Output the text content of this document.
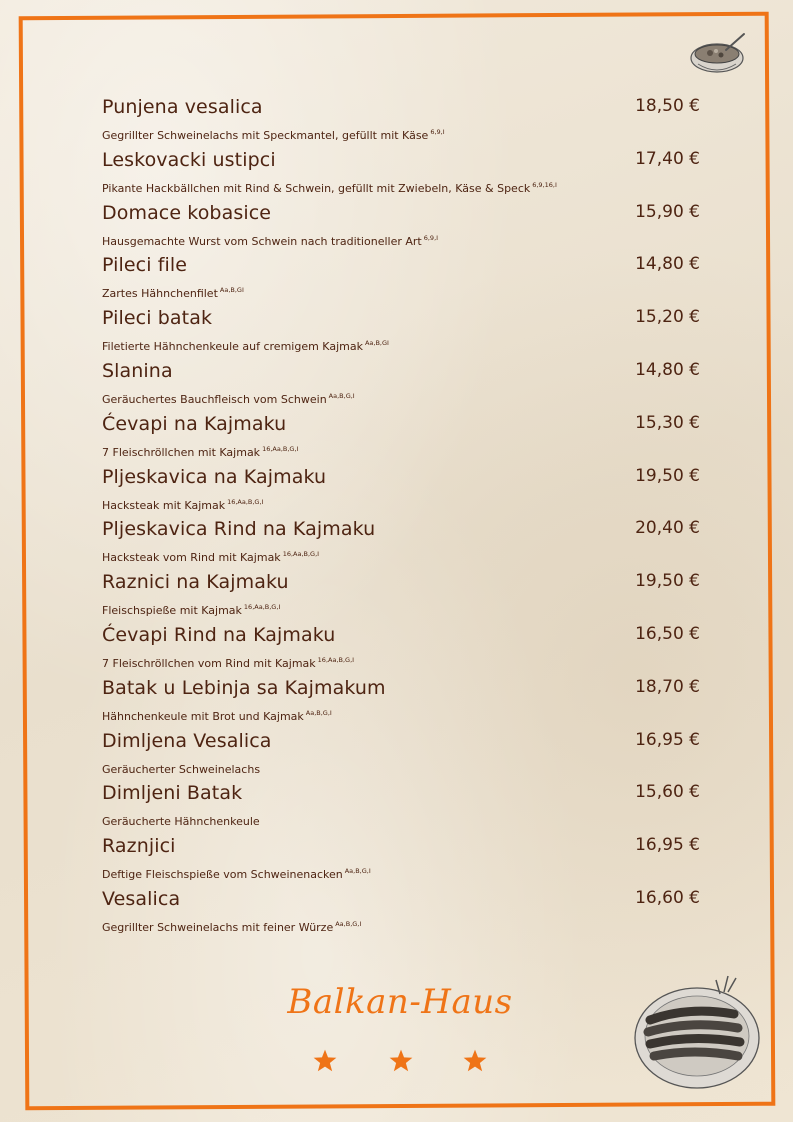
Punjena vesalica	18,50 €
Gegrillter Schweinelachs mit Speckmantel, gefüllt mit Käse $^{6,9,I}$
Leskovacki ustipci	17,40 €
Pikante Hackbällchen mit Rind & Schwein, gefüllt mit Zwiebeln, Käse & Speck $^{6,9,16,I}$
Domace kobasice	15,90 €
Hausgemachte Wurst vom Schwein nach traditioneller Art $^{6,9,I}$
Pileci file	14,80 €
Zartes Hähnchenfilet $^{Aa,B,GI}$
Pileci batak	15,20 €
Filetierte Hähnchenkeule auf cremigem Kajmak $^{Aa,B,GI}$
Slanina	14,80 €
Geräuchertes Bauchfleisch vom Schwein $^{Aa,B,G,I}$
Ćevapi na Kajmaku	15,30 €
7 Fleischröllchen mit Kajmak $^{16,Aa,B,G,I}$
Pljeskavica na Kajmaku	19,50 €
Hacksteak mit Kajmak $^{16,Aa,B,G,I}$
Pljeskavica Rind na Kajmaku	20,40 €
Hacksteak vom Rind mit Kajmak $^{16,Aa,B,G,I}$
Raznici na Kajmaku	19,50 €
Fleischspieße mit Kajmak $^{16,Aa,B,G,I}$
Ćevapi Rind na Kajmaku	16,50 €
7 Fleischröllchen vom Rind mit Kajmak $^{16,Aa,B,G,I}$
Batak u Lebinja sa Kajmakum	18,70 €
Hähnchenkeule mit Brot und Kajmak $^{Aa,B,G,I}$
Dimljena Vesalica	16,95 €
Geräucherter Schweinelachs
Dimljeni Batak	15,60 €
Geräucherte Hähnchenkeule
Raznjici	16,95 €
Deftige Fleischspieße vom Schweinenacken $^{Aa,B,G,I}$
Vesalica	16,60 €
Gegrillter Schweinelachs mit feiner Würze $^{Aa,B,G,I}$
Balkan-Haus
